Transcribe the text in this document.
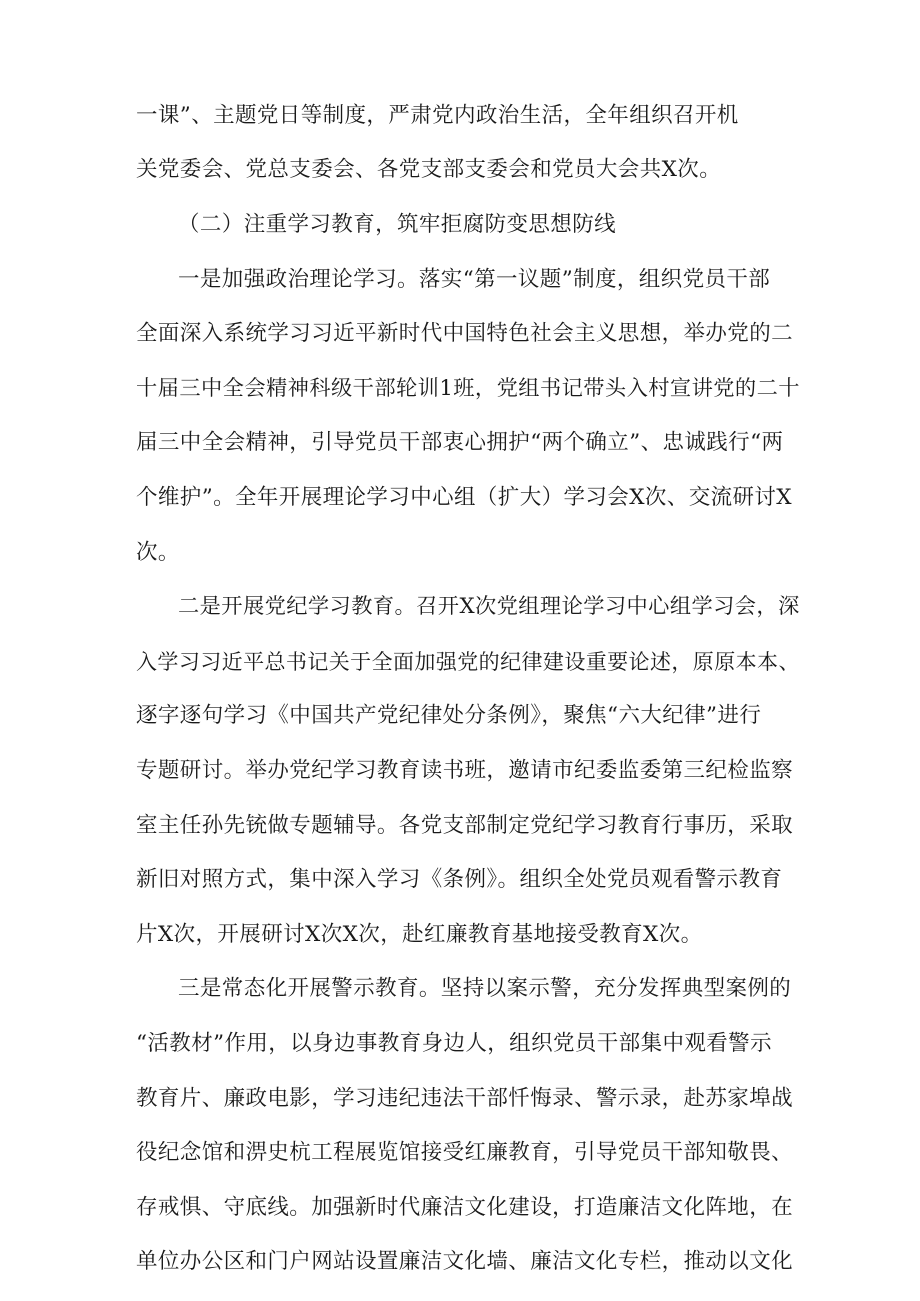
一课”、主题党日等制度，严肃党内政治生活，全年组织召开机
关党委会、党总支委会、各党支部支委会和党员大会共X次。
（二）注重学习教育，筑牢拒腐防变思想防线
一是加强政治理论学习。落实“第一议题”制度，组织党员干部
全面深入系统学习习近平新时代中国特色社会主义思想，举办党的二
十届三中全会精神科级干部轮训1班，党组书记带头入村宣讲党的二十
届三中全会精神，引导党员干部衷心拥护“两个确立”、忠诚践行“两
个维护”。全年开展理论学习中心组（扩大）学习会X次、交流研讨X
次。
二是开展党纪学习教育。召开X次党组理论学习中心组学习会，深
入学习习近平总书记关于全面加强党的纪律建设重要论述，原原本本、
逐字逐句学习《中国共产党纪律处分条例》，聚焦“六大纪律”进行
专题研讨。举办党纪学习教育读书班，邀请市纪委监委第三纪检监察
室主任孙先铳做专题辅导。各党支部制定党纪学习教育行事历，采取
新旧对照方式，集中深入学习《条例》。组织全处党员观看警示教育
片X次，开展研讨X次X次，赴红廉教育基地接受教育X次。
三是常态化开展警示教育。坚持以案示警，充分发挥典型案例的
“活教材”作用，以身边事教育身边人，组织党员干部集中观看警示
教育片、廉政电影，学习违纪违法干部忏悔录、警示录，赴苏家埠战
役纪念馆和淠史杭工程展览馆接受红廉教育，引导党员干部知敬畏、
存戒惧、守底线。加强新时代廉洁文化建设，打造廉洁文化阵地，在
单位办公区和门户网站设置廉洁文化墙、廉洁文化专栏，推动以文化
